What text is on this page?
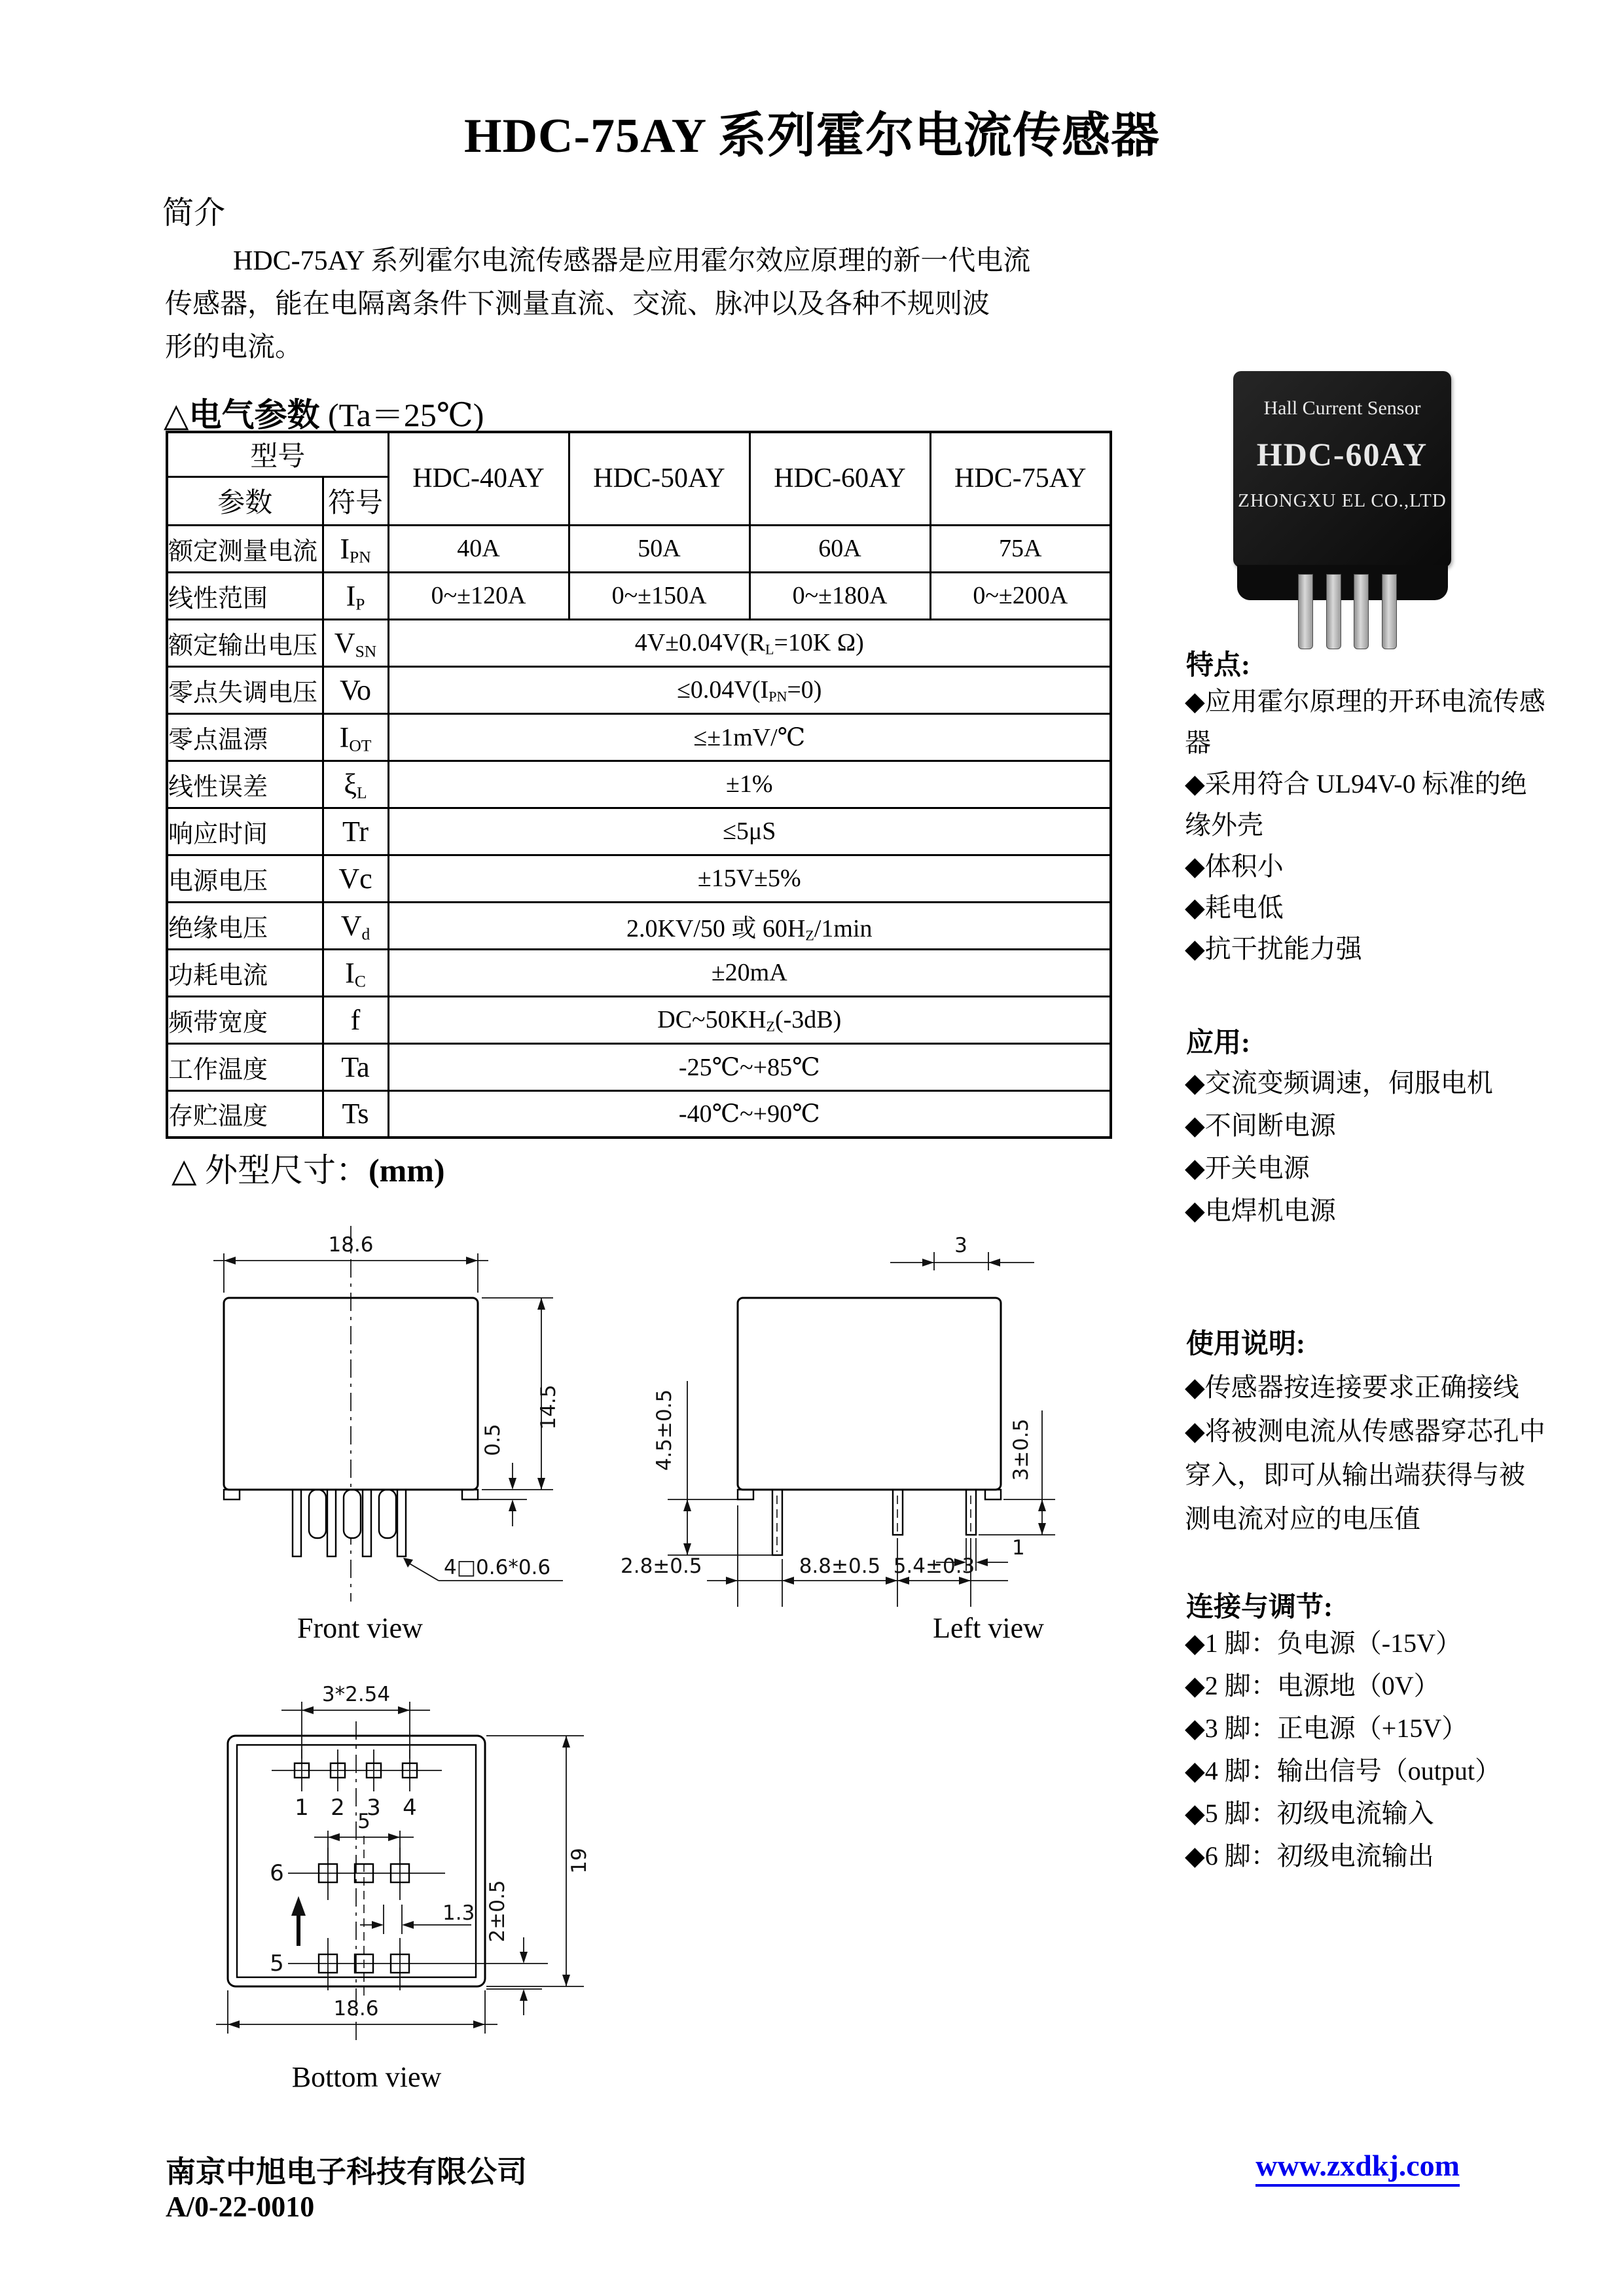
HDC-75AY 系列霍尔电流传感器
简介
HDC-75AY 系列霍尔电流传感器是应用霍尔效应原理的新一代电流
传感器，能在电隔离条件下测量直流、交流、脉冲以及各种不规则波
形的电流。
△电气参数 (Ta＝25℃)
型号		HDC-40AY	HDC-50AY	HDC-60AY	HDC-75AY
参数	符号				
额定测量电流	$I_{PN}$	40A	50A	60A	75A
线性范围	$I_P$	0~±120A	0~±150A	0~±180A	0~±200A
额定输出电压	$V_{SN}$	$4V\pm 0.04V(R_L=10K$ Ω)			
零点失调电压	Vo	$\le 0.04V(I_{PN}=0)$			
零点温漂	$I_{OT}$	≤±1mV/℃			
线性误差	$\xi_L$	±1%			
响应时间	Tr	≤5μS			
电源电压	Vc	±15V±5%			
绝缘电压	$V_d$	2.0KV/50 或 $60H_Z/1\min$			
功耗电流	$I_C$	±20mA			
频带宽度	f	$DC\sim 50KH_Z(-3dB)$			
工作温度	Ta	-25℃~+85℃			
存贮温度	Ts	-40℃~+90℃			
Hall Current Sensor
HDC-60AY
ZHONGXU EL CO.,LTD
特点:
◆应用霍尔原理的开环电流传感器
◆采用符合 UL94V-0 标准的绝缘外壳
◆体积小
◆耗电低
◆抗干扰能力强
应用:
◆交流变频调速，伺服电机
◆不间断电源
◆开关电源
◆电焊机电源
使用说明:
◆传感器按连接要求正确接线
◆将被测电流从传感器穿芯孔中穿入，即可从输出端获得与被测电流对应的电压值
连接与调节:
◆1 脚：负电源（-15V）
◆2 脚：电源地（0V）
◆3 脚：正电源（+15V）
◆4 脚：输出信号（output）
◆5 脚：初级电流输入
◆6 脚：初级电流输出
△ 外型尺寸：(mm)
18.6
14.5
0.5
4□0.6*0.6
Front view
3
4.5±0.5	3±0.5
1
2.8±0.5	8.8±0.5 5.4±0.3
Left view
1 2 3 4
3*2.54
6
5
5
1.3 2±0.5
19
18.6
Bottom view
南京中旭电子科技有限公司
A/0-22-0010
www.zxdkj.com
